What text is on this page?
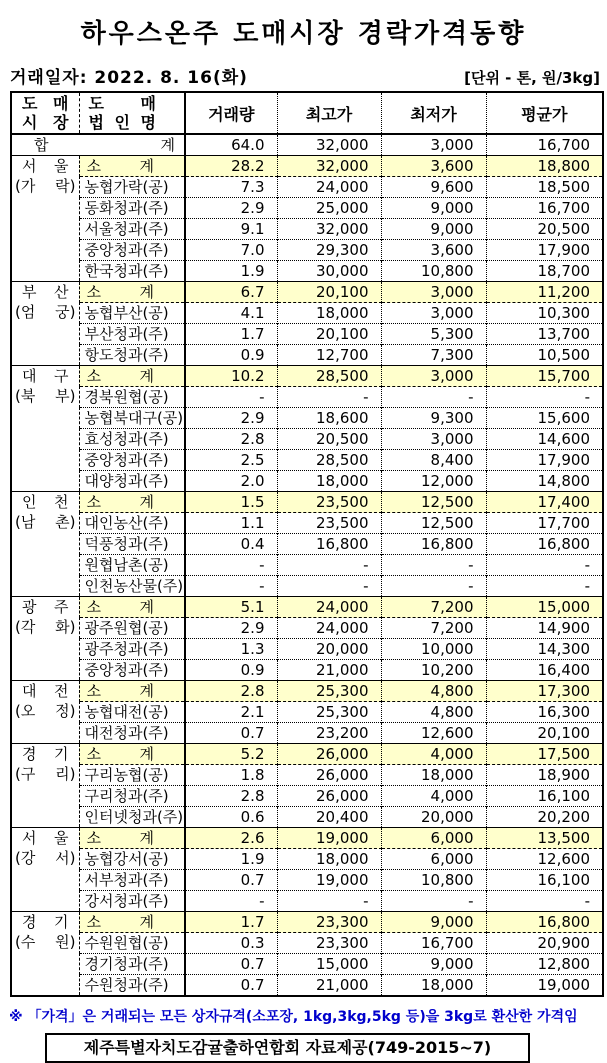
하우스온주 도매시장 경락가격동향
거래일자: 2022. 8. 16(화)	[단위 - 톤, 원/3kg]
도 매
시 장

도 매
법 인 명	거래량	최고가	최저가	평균가
합 계		64.0	32,000	3,000	16,700

서 울
(가 락)	소 계	28.2	32,000	3,600	18,800
	농협가락(공)	7.3	24,000	9,600	18,500
	동화청과(주)	2.9	25,000	9,000	16,700
	서울청과(주)	9.1	32,000	9,000	20,500
	중앙청과(주)	7.0	29,300	3,600	17,900
	한국청과(주)	1.9	30,000	10,800	18,700

부 산
(엄 궁)	소 계	6.7	20,100	3,000	11,200
	농협부산(공)	4.1	18,000	3,000	10,300
	부산청과(주)	1.7	20,100	5,300	13,700
	항도청과(주)	0.9	12,700	7,300	10,500

대 구
(북 부)	소 계	10.2	28,500	3,000	15,700
	경북원협(공)	-	-	-	-
	농협북대구(공)	2.9	18,600	9,300	15,600
	효성청과(주)	2.8	20,500	3,000	14,600
	중앙청과(주)	2.5	28,500	8,400	17,900
	대양청과(주)	2.0	18,000	12,000	14,800

인 천
(남 촌)	소 계	1.5	23,500	12,500	17,400
	대인농산(주)	1.1	23,500	12,500	17,700
	덕풍청과(주)	0.4	16,800	16,800	16,800
	원협남촌(공)	-	-	-	-
	인천농산물(주)	-	-	-	-

광 주
(각 화)	소 계	5.1	24,000	7,200	15,000
	광주원협(공)	2.9	24,000	7,200	14,900
	광주청과(주)	1.3	20,000	10,000	14,300
	중앙청과(주)	0.9	21,000	10,200	16,400

대 전
(오 정)	소 계	2.8	25,300	4,800	17,300
	농협대전(공)	2.1	25,300	4,800	16,300
	대전청과(주)	0.7	23,200	12,600	20,100

경 기
(구 리)	소 계	5.2	26,000	4,000	17,500
	구리농협(공)	1.8	26,000	18,000	18,900
	구리청과(주)	2.8	26,000	4,000	16,100
	인터넷청과(주)	0.6	20,400	20,000	20,200

서 울
(강 서)	소 계	2.6	19,000	6,000	13,500
	농협강서(공)	1.9	18,000	6,000	12,600
	서부청과(주)	0.7	19,000	10,800	16,100
	강서청과(주)	-	-	-	-

경 기
(수 원)	소 계	1.7	23,300	9,000	16,800
	수원원협(공)	0.3	23,300	16,700	20,900
	경기청과(주)	0.7	15,000	9,000	12,800
	수원청과(주)	0.7	21,000	18,000	19,000
※ 「가격」은 거래되는 모든 상자규격(소포장, 1kg,3kg,5kg 등)을 3kg로 환산한 가격임
제주특별자치도감귤출하연합회 자료제공(749-2015~7)
